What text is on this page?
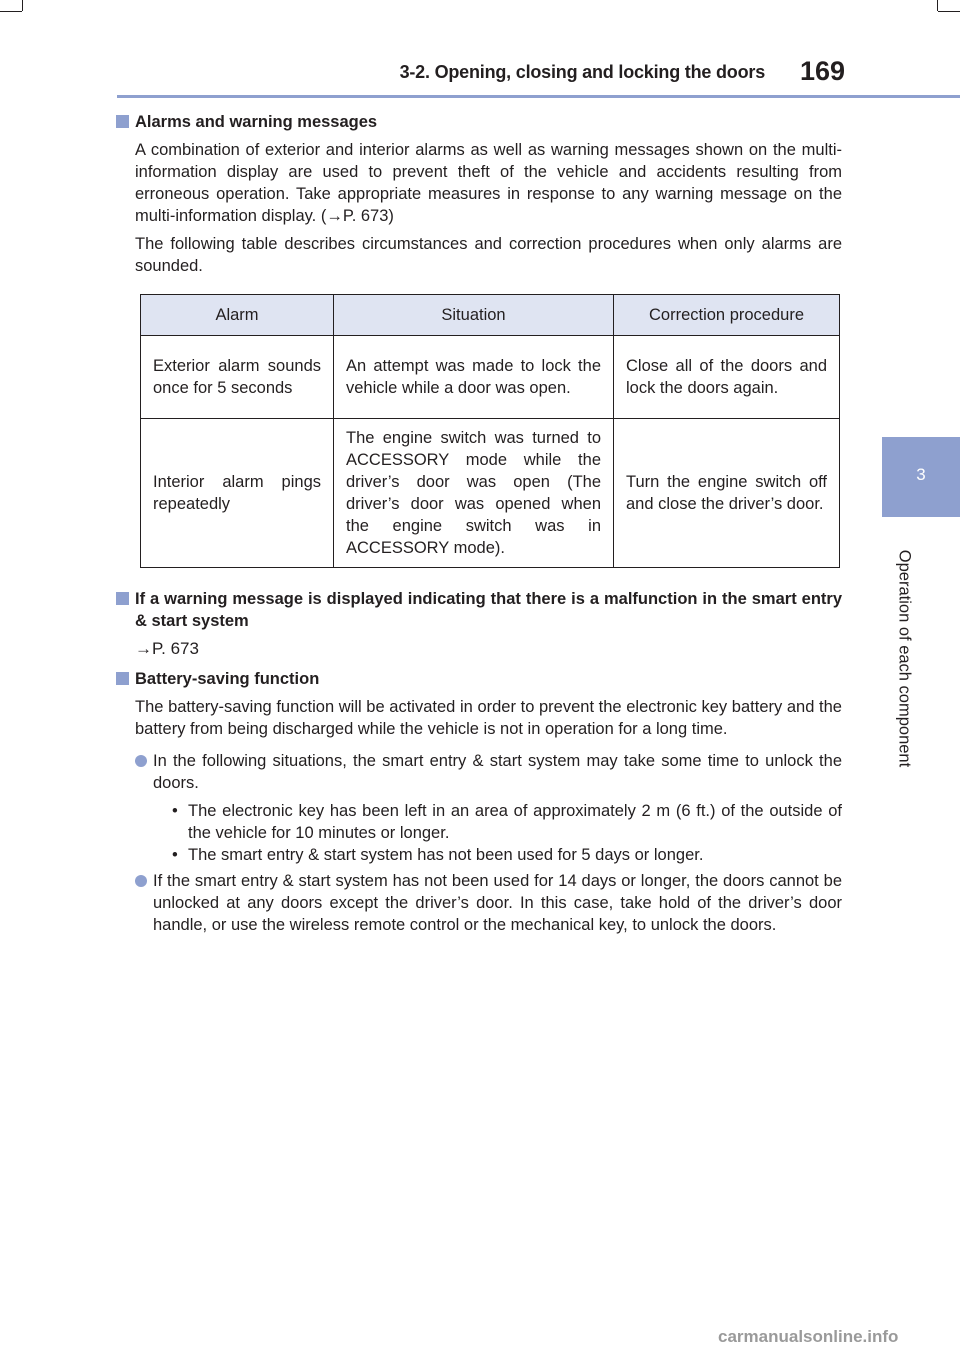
3-2. Opening, closing and locking the doors 169
3
Operation of each component
Alarms and warning messages
A combination of exterior and interior alarms as well as warning messages shown on the multi-information display are used to prevent theft of the vehicle and accidents resulting from erroneous operation. Take appropriate measures in response to any warning message on the multi-information display. (→P. 673)
The following table describes circumstances and correction procedures when only alarms are sounded.
Alarm	Situation	Correction procedure
Exterior alarm sounds once for 5 seconds	An attempt was made to lock the vehicle while a door was open.	Close all of the doors and lock the doors again.
Interior alarm pings repeatedly	The engine switch was turned to ACCESSORY mode while the driver’s door was open (The driver’s door was opened when the engine switch was in ACCESSORY mode).	Turn the engine switch off and close the driver’s door.
If a warning message is displayed indicating that there is a malfunction in the smart entry & start system
→P. 673
Battery-saving function
The battery-saving function will be activated in order to prevent the electronic key battery and the battery from being discharged while the vehicle is not in operation for a long time.
In the following situations, the smart entry & start system may take some time to unlock the doors.
• The electronic key has been left in an area of approximately 2 m (6 ft.) of the outside of the vehicle for 10 minutes or longer.
• The smart entry & start system has not been used for 5 days or longer.
If the smart entry & start system has not been used for 14 days or longer, the doors cannot be unlocked at any doors except the driver’s door. In this case, take hold of the driver’s door handle, or use the wireless remote control or the mechanical key, to unlock the doors.
carmanualsonline.info
